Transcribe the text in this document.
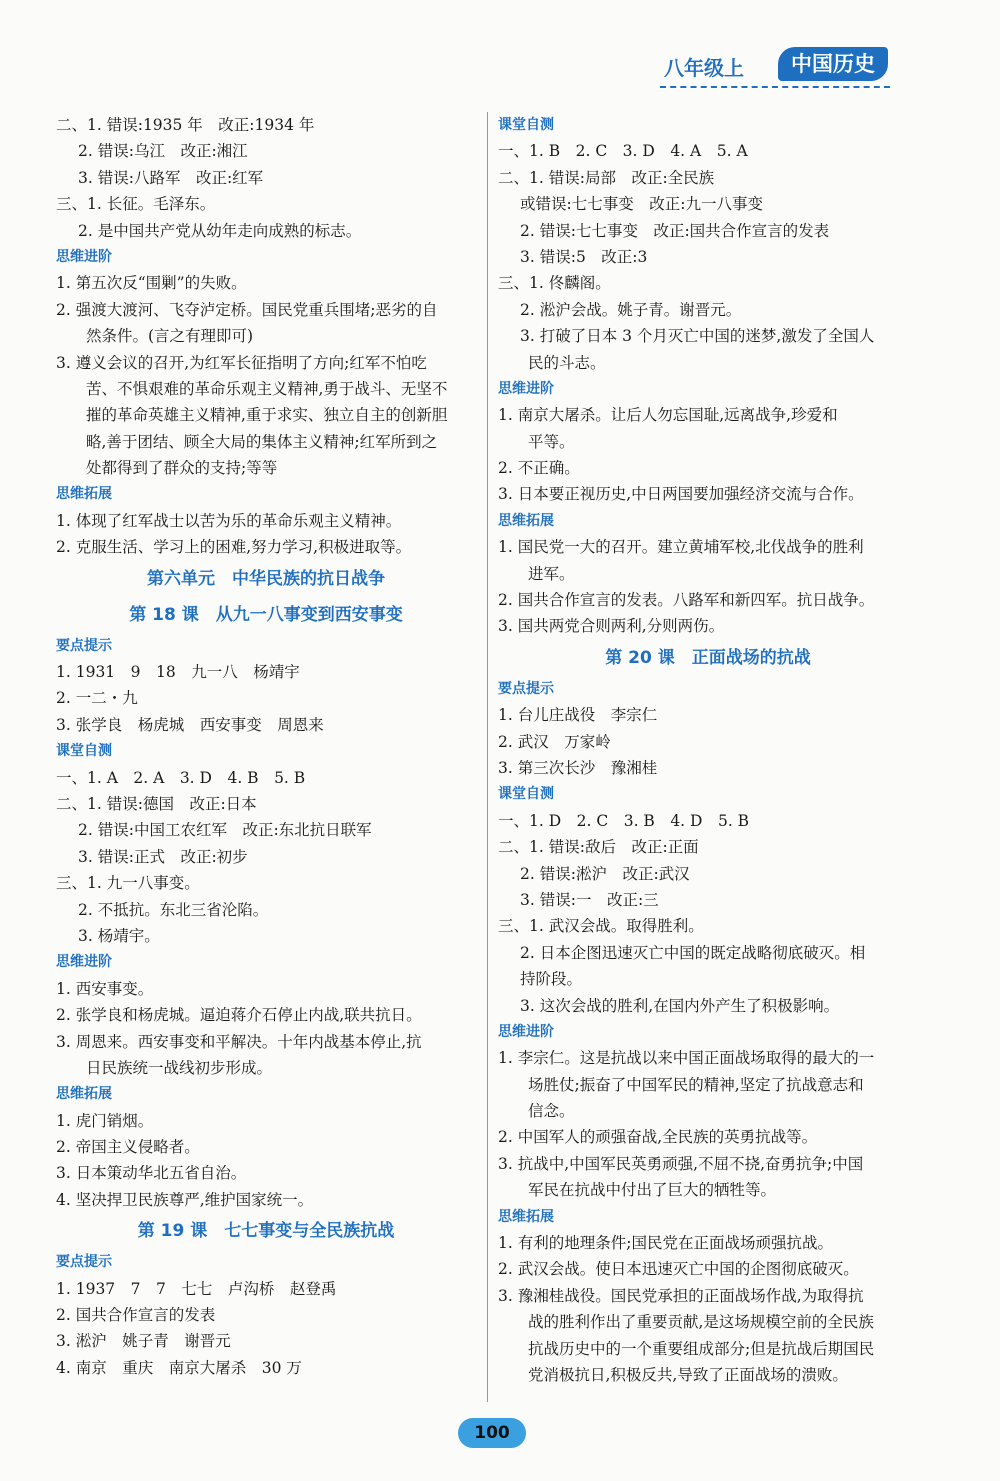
八年级上	中国历史
二、1. 错误:1935 年　改正:1934 年
2. 错误:乌江　改正:湘江
3. 错误:八路军　改正:红军
三、1. 长征。毛泽东。
2. 是中国共产党从幼年走向成熟的标志。
思维进阶
1. 第五次反“围剿”的失败。
2. 强渡大渡河、飞夺泸定桥。国民党重兵围堵;恶劣的自
然条件。(言之有理即可)
3. 遵义会议的召开,为红军长征指明了方向;红军不怕吃
苦、不惧艰难的革命乐观主义精神,勇于战斗、无坚不
摧的革命英雄主义精神,重于求实、独立自主的创新胆
略,善于团结、顾全大局的集体主义精神;红军所到之
处都得到了群众的支持;等等
思维拓展
1. 体现了红军战士以苦为乐的革命乐观主义精神。
2. 克服生活、学习上的困难,努力学习,积极进取等。
第六单元　中华民族的抗日战争
第 18 课　从九一八事变到西安事变
要点提示
1. 1931　9　18　九一八　杨靖宇
2. 一二・九
3. 张学良　杨虎城　西安事变　周恩来
课堂自测
一、1. A　2. A　3. D　4. B　5. B
二、1. 错误:德国　改正:日本
2. 错误:中国工农红军　改正:东北抗日联军
3. 错误:正式　改正:初步
三、1. 九一八事变。
2. 不抵抗。东北三省沦陷。
3. 杨靖宇。
思维进阶
1. 西安事变。
2. 张学良和杨虎城。逼迫蒋介石停止内战,联共抗日。
3. 周恩来。西安事变和平解决。十年内战基本停止,抗
日民族统一战线初步形成。
思维拓展
1. 虎门销烟。
2. 帝国主义侵略者。
3. 日本策动华北五省自治。
4. 坚决捍卫民族尊严,维护国家统一。
第 19 课　七七事变与全民族抗战
要点提示
1. 1937　7　7　七七　卢沟桥　赵登禹
2. 国共合作宣言的发表
3. 淞沪　姚子青　谢晋元
4. 南京　重庆　南京大屠杀　30 万
课堂自测
一、1. B　2. C　3. D　4. A　5. A
二、1. 错误:局部　改正:全民族
或错误:七七事变　改正:九一八事变
2. 错误:七七事变　改正:国共合作宣言的发表
3. 错误:5　改正:3
三、1. 佟麟阁。
2. 淞沪会战。姚子青。谢晋元。
3. 打破了日本 3 个月灭亡中国的迷梦,激发了全国人
民的斗志。
思维进阶
1. 南京大屠杀。让后人勿忘国耻,远离战争,珍爱和
平等。
2. 不正确。
3. 日本要正视历史,中日两国要加强经济交流与合作。
思维拓展
1. 国民党一大的召开。建立黄埔军校,北伐战争的胜利
进军。
2. 国共合作宣言的发表。八路军和新四军。抗日战争。
3. 国共两党合则两利,分则两伤。
第 20 课　正面战场的抗战
要点提示
1. 台儿庄战役　李宗仁
2. 武汉　万家岭
3. 第三次长沙　豫湘桂
课堂自测
一、1. D　2. C　3. B　4. D　5. B
二、1. 错误:敌后　改正:正面
2. 错误:淞沪　改正:武汉
3. 错误:一　改正:三
三、1. 武汉会战。取得胜利。
2. 日本企图迅速灭亡中国的既定战略彻底破灭。相
持阶段。
3. 这次会战的胜利,在国内外产生了积极影响。
思维进阶
1. 李宗仁。这是抗战以来中国正面战场取得的最大的一
场胜仗;振奋了中国军民的精神,坚定了抗战意志和
信念。
2. 中国军人的顽强奋战,全民族的英勇抗战等。
3. 抗战中,中国军民英勇顽强,不屈不挠,奋勇抗争;中国
军民在抗战中付出了巨大的牺牲等。
思维拓展
1. 有利的地理条件;国民党在正面战场顽强抗战。
2. 武汉会战。使日本迅速灭亡中国的企图彻底破灭。
3. 豫湘桂战役。国民党承担的正面战场作战,为取得抗
战的胜利作出了重要贡献,是这场规模空前的全民族
抗战历史中的一个重要组成部分;但是抗战后期国民
党消极抗日,积极反共,导致了正面战场的溃败。
100
